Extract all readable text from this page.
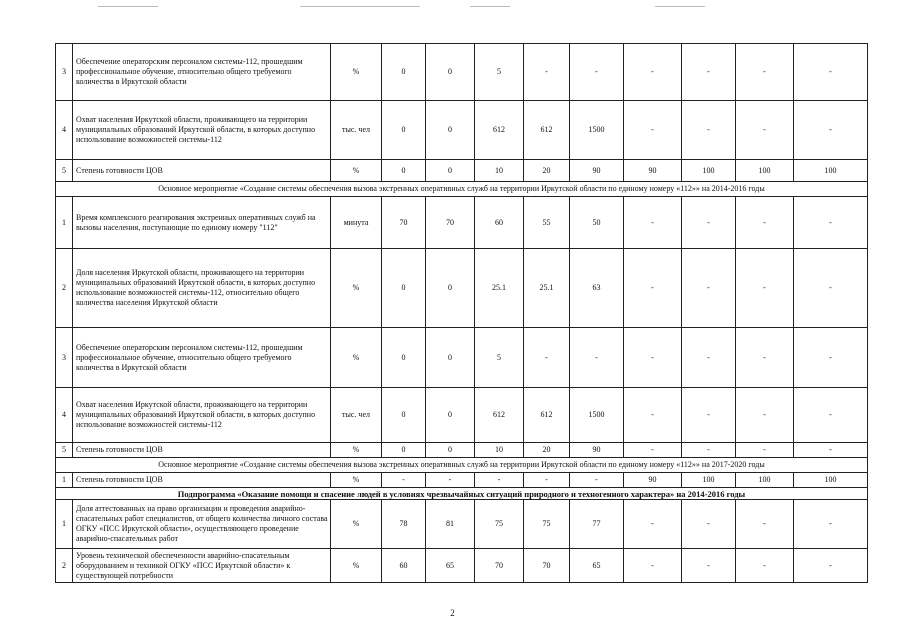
3	Обеспечение операторским персоналом системы-112, прошедшим профессиональное обучение, относительно общего требуемого количества в Иркутской области	%	0	0	5	-	-	-	-	-	-
4	Охват населения Иркутской области, проживающего на территории муниципальных образований Иркутской области, в которых доступно использование возможностей системы-112	тыс. чел	0	0	612	612	1500	-	-	-	-
5	Степень готовности ЦОВ	%	0	0	10	20	90	90	100	100	100
Основное мероприятие «Создание системы обеспечения вызова экстренных оперативных служб на территории Иркутской области по единому номеру «112»» на 2014-2016 годы											
1	Время комплексного реагирования экстренных оперативных служб на вызовы населения, поступающие по единому номеру "112"	минута	70	70	60	55	50	-	-	-	-
2	Доля населения Иркутской области, проживающего на территории муниципальных образований Иркутской области, в которых доступно использование возможностей системы-112, относительно общего количества населения Иркутской области	%	0	0	25.1	25.1	63	-	-	-	-
3	Обеспечение операторским персоналом системы-112, прошедшим профессиональное обучение, относительно общего требуемого количества в Иркутской области	%	0	0	5	-	-	-	-	-	-
4	Охват населения Иркутской области, проживающего на территории муниципальных образований Иркутской области, в которых доступно использование возможностей системы-112	тыс. чел	0	0	612	612	1500	-	-	-	-
5	Степень готовности ЦОВ	%	0	0	10	20	90	-	-	-	-
Основное мероприятие «Создание системы обеспечения вызова экстренных оперативных служб на территории Иркутской области по единому номеру «112»» на 2017-2020 годы											
1	Степень готовности ЦОВ	%	-	-	-	-	-	90	100	100	100
Подпрограмма «Оказание помощи и спасение людей в условиях чрезвычайных ситуаций природного и техногенного характера» на 2014-2016 годы											
1	Доля аттестованных на право организации и проведения аварийно-спасательных работ специалистов, от общего количества личного состава ОГКУ «ПСС Иркутской области», осуществляющего проведение аварийно-спасательных работ	%	78	81	75	75	77	-	-	-	-
2	Уровень технической обеспеченности аварийно-спасательным оборудованием и техникой ОГКУ «ПСС Иркутской области» к существующей потребности	%	60	65	70	70	65	-	-	-	-
2
